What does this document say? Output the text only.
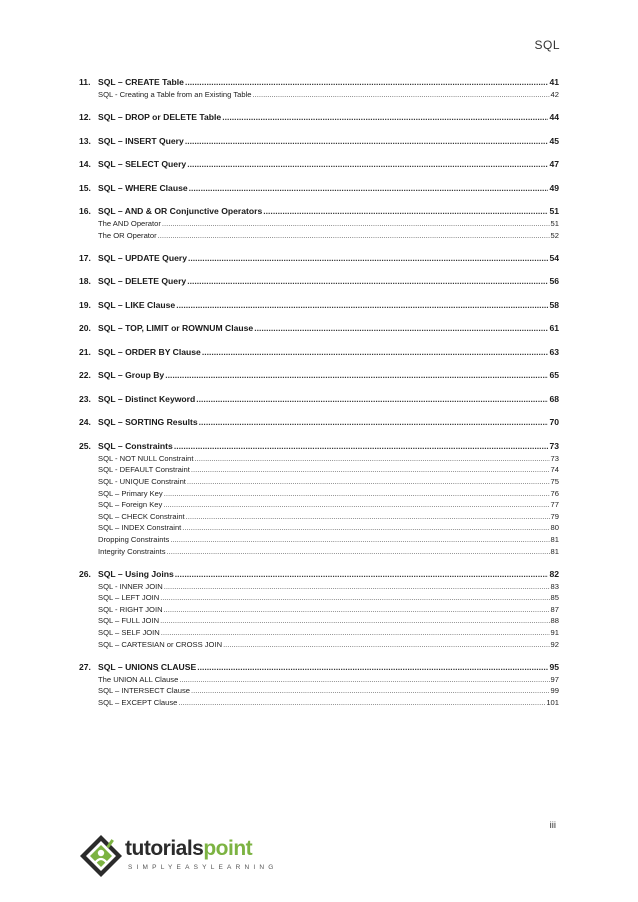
SQL
11. SQL – CREATE Table .....	41
SQL - Creating a Table from an Existing Table .....	42
12. SQL – DROP or DELETE Table .....	44
13. SQL – INSERT Query .....	45
14. SQL – SELECT Query .....	47
15. SQL – WHERE Clause .....	49
16. SQL – AND & OR Conjunctive Operators .....	51
The AND Operator .....	51
The OR Operator .....	52
17. SQL – UPDATE Query .....	54
18. SQL – DELETE Query .....	56
19. SQL – LIKE Clause .....	58
20. SQL – TOP, LIMIT or ROWNUM Clause .....	61
21. SQL – ORDER BY Clause .....	63
22. SQL – Group By .....	65
23. SQL – Distinct Keyword .....	68
24. SQL – SORTING Results .....	70
25. SQL – Constraints .....	73
SQL - NOT NULL Constraint .....	73
SQL - DEFAULT Constraint .....	74
SQL - UNIQUE Constraint .....	75
SQL – Primary Key .....	76
SQL – Foreign Key .....	77
SQL – CHECK Constraint .....	79
SQL – INDEX Constraint .....	80
Dropping Constraints .....	81
Integrity Constraints .....	81
26. SQL – Using Joins .....	82
SQL - INNER JOIN .....	83
SQL – LEFT JOIN .....	85
SQL - RIGHT JOIN .....	87
SQL – FULL JOIN .....	88
SQL – SELF JOIN .....	91
SQL – CARTESIAN or CROSS JOIN .....	92
27. SQL – UNIONS CLAUSE .....	95
The UNION ALL Clause .....	97
SQL – INTERSECT Clause .....	99
SQL – EXCEPT Clause .....	101
iii
tutorialspoint
SIMPLYEASYLEARNING
